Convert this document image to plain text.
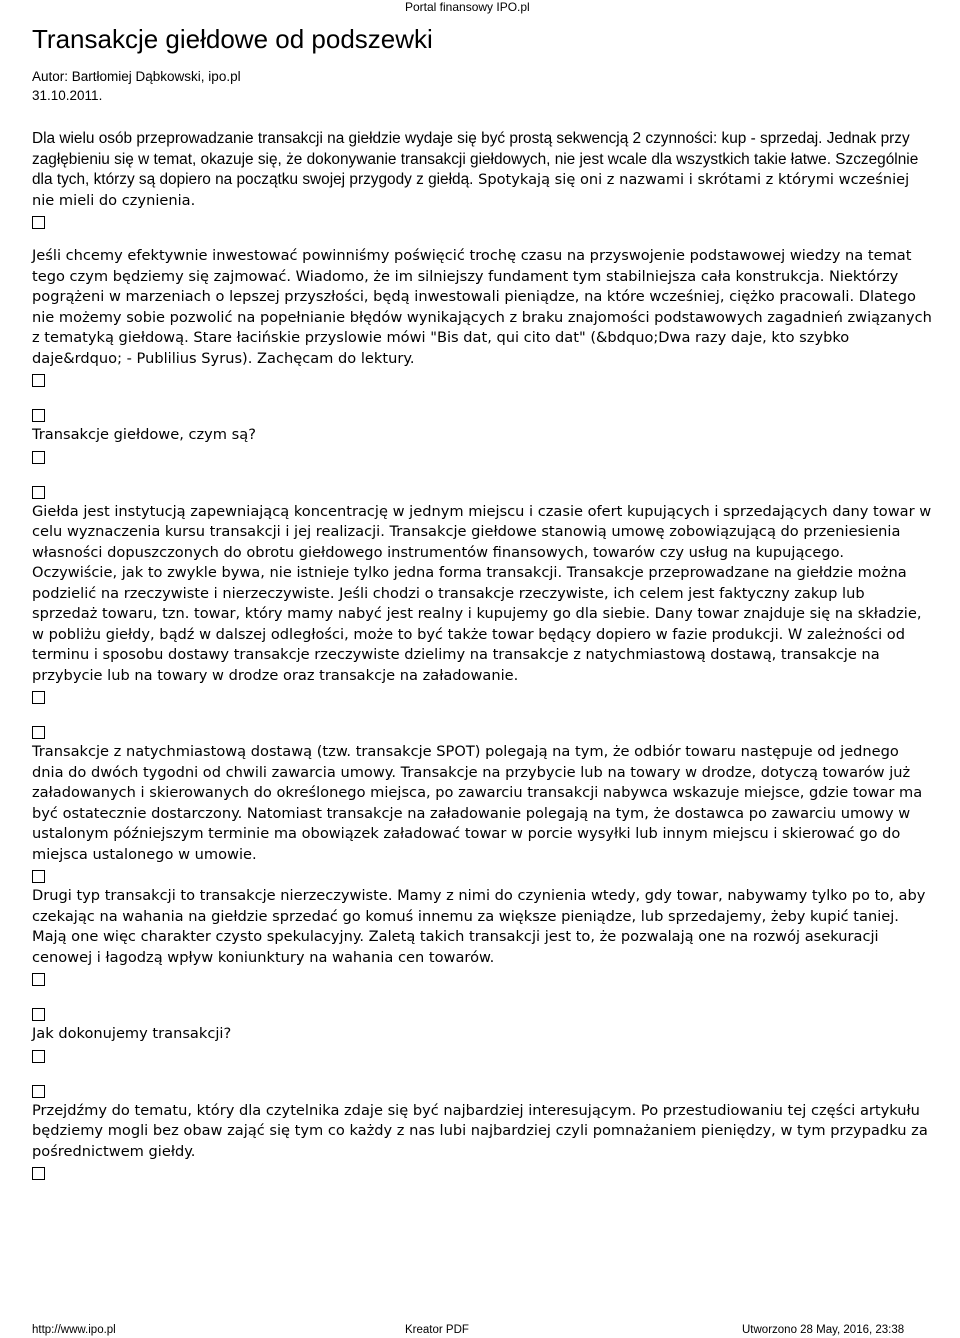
Portal finansowy IPO.pl
Transakcje giełdowe od podszewki
Autor: Bartłomiej Dąbkowski, ipo.pl
31.10.2011.

Dla wielu osób przeprowadzanie transakcji na giełdzie wydaje się być prostą sekwencją 2 czynności: kup - sprzedaj. Jednak przy zagłębieniu się w temat, okazuje się, że dokonywanie transakcji giełdowych, nie jest wcale dla wszystkich takie łatwe. Szczególnie dla tych, którzy są dopiero na początku swojej przygody z giełdą. Spotykają się oni z nazwami i skrótami z którymi wcześniej nie mieli do czynienia.

Jeśli chcemy efektywnie inwestować powinniśmy poświęcić trochę czasu na przyswojenie podstawowej wiedzy na temat tego czym będziemy się zajmować. Wiadomo, że im silniejszy fundament tym stabilniejsza cała konstrukcja. Niektórzy pogrążeni w marzeniach o lepszej przyszłości, będą inwestowali pieniądze, na które wcześniej, ciężko pracowali. Dlatego nie możemy sobie pozwolić na popełnianie błędów wynikających z braku znajomości podstawowych zagadnień związanych z tematyką giełdową. Stare łacińskie przyslowie mówi "Bis dat, qui cito dat" (&bdquo;Dwa razy daje, kto szybko daje&rdquo; - Publilius Syrus). Zachęcam do lektury.

Transakcje giełdowe, czym są?

Giełda jest instytucją zapewniającą koncentrację w jednym miejscu i czasie ofert kupujących i sprzedających dany towar w celu wyznaczenia kursu transakcji i jej realizacji. Transakcje giełdowe stanowią umowę zobowiązującą do przeniesienia własności dopuszczonych do obrotu giełdowego instrumentów finansowych, towarów czy usług na kupującego. Oczywiście, jak to zwykle bywa, nie istnieje tylko jedna forma transakcji. Transakcje przeprowadzane na giełdzie można podzielić na rzeczywiste i nierzeczywiste. Jeśli chodzi o transakcje rzeczywiste, ich celem jest faktyczny zakup lub sprzedaż towaru, tzn. towar, który mamy nabyć jest realny i kupujemy go dla siebie. Dany towar znajduje się na składzie, w pobliżu giełdy, bądź w dalszej odległości, może to być także towar będący dopiero w fazie produkcji. W zależności od terminu i sposobu dostawy transakcje rzeczywiste dzielimy na transakcje z natychmiastową dostawą, transakcje na przybycie lub na towary w drodze oraz transakcje na załadowanie.

Transakcje z natychmiastową dostawą (tzw. transakcje SPOT) polegają na tym, że odbiór towaru następuje od jednego dnia do dwóch tygodni od chwili zawarcia umowy. Transakcje na przybycie lub na towary w drodze, dotyczą towarów już załadowanych i skierowanych do określonego miejsca, po zawarciu transakcji nabywca wskazuje miejsce, gdzie towar ma być ostatecznie dostarczony. Natomiast transakcje na załadowanie polegają na tym, że dostawca po zawarciu umowy w ustalonym późniejszym terminie ma obowiązek załadować towar w porcie wysyłki lub innym miejscu i skierować go do miejsca ustalonego w umowie.

Drugi typ transakcji to transakcje nierzeczywiste. Mamy z nimi do czynienia wtedy, gdy towar, nabywamy tylko po to, aby czekając na wahania na giełdzie sprzedać go komuś innemu za większe pieniądze, lub sprzedajemy, żeby kupić taniej. Mają one więc charakter czysto spekulacyjny. Zaletą takich transakcji jest to, że pozwalają one na rozwój asekuracji cenowej i łagodzą wpływ koniunktury na wahania cen towarów.

Jak dokonujemy transakcji?

Przejdźmy do tematu, który dla czytelnika zdaje się być najbardziej interesującym. Po przestudiowaniu tej części artykułu będziemy mogli bez obaw zająć się tym co każdy z nas lubi najbardziej czyli pomnażaniem pieniędzy, w tym przypadku za pośrednictwem giełdy.

http://www.ipo.pl	Kreator PDF	Utworzono 28 May, 2016, 23:38
